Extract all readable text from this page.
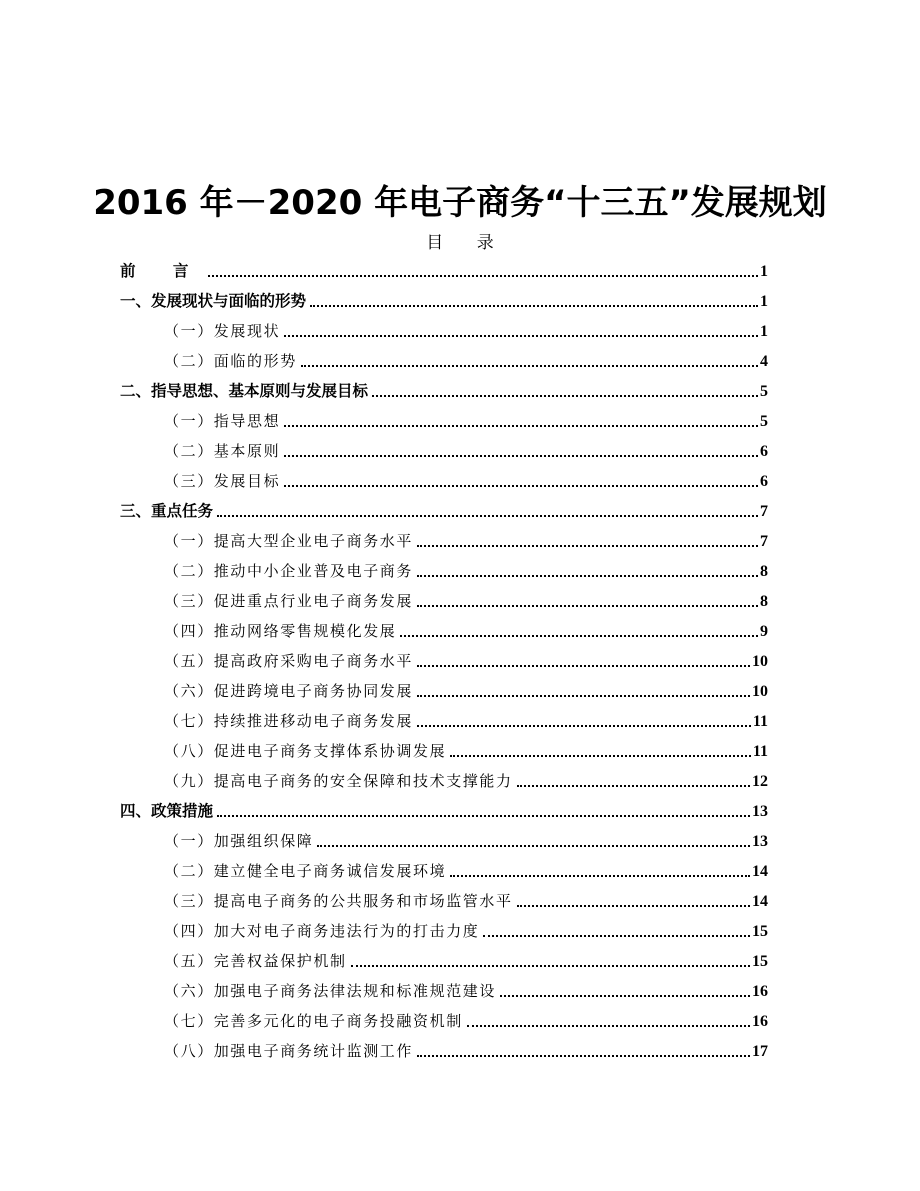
2016 年－2020 年电子商务“十三五”发展规划
目 录
前 言	1
一、发展现状与面临的形势	1
（一）发展现状	1
（二）面临的形势	4
二、指导思想、基本原则与发展目标	5
（一）指导思想	5
（二）基本原则	6
（三）发展目标	6
三、重点任务	7
（一）提高大型企业电子商务水平	7
（二）推动中小企业普及电子商务	8
（三）促进重点行业电子商务发展	8
（四）推动网络零售规模化发展	9
（五）提高政府采购电子商务水平	10
（六）促进跨境电子商务协同发展	10
（七）持续推进移动电子商务发展	11
（八）促进电子商务支撑体系协调发展	11
（九）提高电子商务的安全保障和技术支撑能力	12
四、政策措施	13
（一）加强组织保障	13
（二）建立健全电子商务诚信发展环境	14
（三）提高电子商务的公共服务和市场监管水平	14
（四）加大对电子商务违法行为的打击力度	15
（五）完善权益保护机制	15
（六）加强电子商务法律法规和标准规范建设	16
（七）完善多元化的电子商务投融资机制	16
（八）加强电子商务统计监测工作	17
